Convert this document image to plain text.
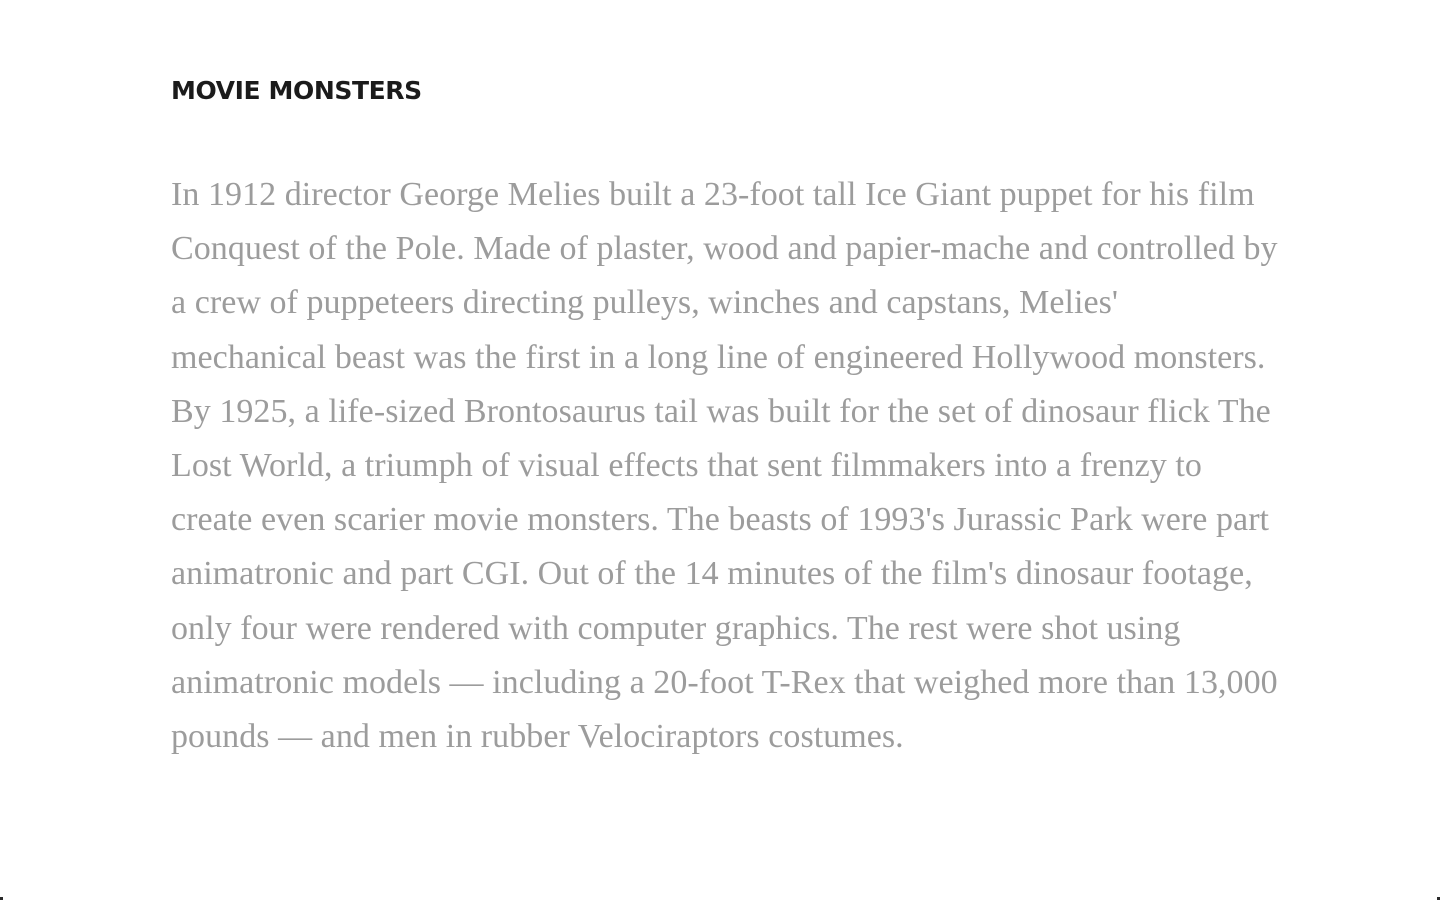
MOVIE MONSTERS

In 1912 director George Melies built a 23-foot tall Ice Giant puppet for his film Conquest of the Pole. Made of plaster, wood and papier-mache and controlled by a crew of puppeteers directing pulleys, winches and capstans, Melies' mechanical beast was the first in a long line of engineered Hollywood monsters. By 1925, a life-sized Brontosaurus tail was built for the set of dinosaur flick The Lost World, a triumph of visual effects that sent filmmakers into a frenzy to create even scarier movie monsters. The beasts of 1993's Jurassic Park were part animatronic and part CGI. Out of the 14 minutes of the film's dinosaur footage, only four were rendered with computer graphics. The rest were shot using animatronic models — including a 20-foot T-Rex that weighed more than 13,000 pounds — and men in rubber Velociraptors costumes.
